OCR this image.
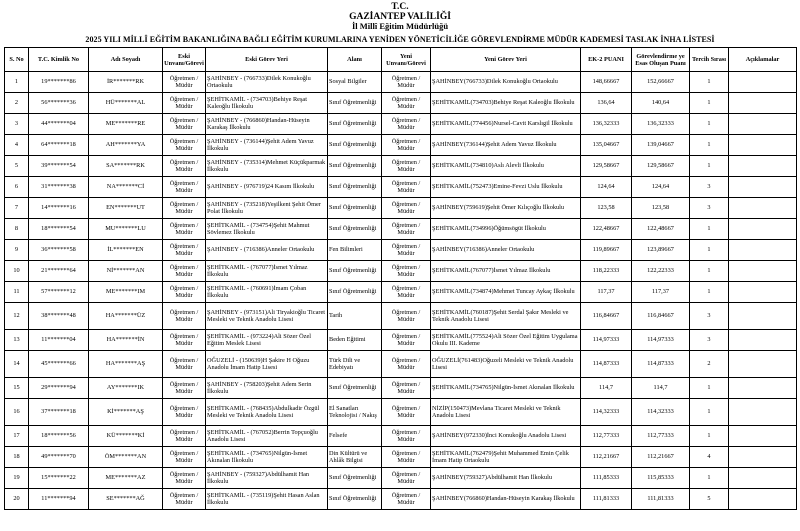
T.C.
GAZİANTEP VALİLİĞİ
İl Millî Eğitim Müdürlüğü
2025 YILI MİLLÎ EĞİTİM BAKANLIĞINA BAĞLI EĞİTİM KURUMLARINA YENİDEN YÖNETİCİLİĞE GÖREVLENDİRME MÜDÜR KADEMESİ TASLAK İNHA LİSTESİ
S. No	T.C. Kimlik No	Adı Soyadı	Eski Unvanı/Görevi	Eski Görev Yeri	Alanı	Yeni Unvanı/Görevi	Yeni Görev Yeri	EK-2 PUANI	Görevlendirme ye Esas Oluşan Puanı	Tercih Sırası	Açıklamalar
1	19*******86	İR*******RK	Öğretmen / Müdür	ŞAHİNBEY - (766733)Dilek Konukoğlu Ortaokulu	Sosyal Bilgiler	Öğretmen / Müdür	ŞAHİNBEY(766733)Dilek Konukoğlu Ortaokulu	148,66667	152,66667	1	
2	56*******36	HÜ*******AL	Öğretmen / Müdür	ŞEHİTKAMİL - (734703)Behiye Reşat Kaleoğlu İlkokulu	Sınıf Öğretmenliği	Öğretmen / Müdür	ŞEHİTKAMİL(734703)Behiye Reşat Kaleoğlu İlkokulu	136,64	140,64	1	
3	44*******04	ME*******RE	Öğretmen / Müdür	ŞAHİNBEY - (766860)Handan-Hüseyin Karakaş İlkokulu	Sınıf Öğretmenliği	Öğretmen / Müdür	ŞEHİTKAMİL(774456)Nursel-Cavit Karslıgil İlkokulu	136,32333	136,32333	1	
4	64*******18	AH*******YA	Öğretmen / Müdür	ŞAHİNBEY - (736144)Şehit Adem Yavuz İlkokulu	Sınıf Öğretmenliği	Öğretmen / Müdür	ŞAHİNBEY(736144)Şehit Adem Yavuz İlkokulu	135,04667	139,04667	1	
5	39*******54	SA*******RK	Öğretmen / Müdür	ŞAHİNBEY - (735314)Mehmet Küçükparmak İlkokulu	Sınıf Öğretmenliği	Öğretmen / Müdür	ŞEHİTKAMİL(734810)Aslı Alevli İlkokulu	129,58667	129,58667	1	
6	31*******38	NA*******Cİ	Öğretmen / Müdür	ŞAHİNBEY - (976719)24 Kasım İlkokulu	Sınıf Öğretmenliği	Öğretmen / Müdür	ŞEHİTKAMİL(752473)Emine-Fevzi Uslu İlkokulu	124,64	124,64	3	
7	14*******16	EN*******UT	Öğretmen / Müdür	ŞAHİNBEY - (735218)Yeşilkent Şehit Ömer Polat İlkokulu	Sınıf Öğretmenliği	Öğretmen / Müdür	ŞAHİNBEY(759619)Şehit Ömer Kılıçoğlu İlkokulu	123,58	123,58	3	
8	18*******54	MU*******LU	Öğretmen / Müdür	ŞEHİTKAMİL - (734754)Şehit Mahmut Sövlemez İlkokulu	Sınıf Öğretmenliği	Öğretmen / Müdür	ŞEHİTKAMİL(734996)Öğümsögüt İlkokulu	122,48667	122,48667	1	
9	36*******58	İL*******EN	Öğretmen / Müdür	ŞAHİNBEY - (716386)Anneler Ortaokulu	Fen Bilimleri	Öğretmen / Müdür	ŞAHİNBEY(716386)Anneler Ortaokulu	119,89667	123,89667	1	
10	21*******64	Nİ*******AN	Öğretmen / Müdür	ŞEHİTKAMİL - (767077)İsmet Yılmaz İlkokulu	Sınıf Öğretmenliği	Öğretmen / Müdür	ŞEHİTKAMİL(767077)İsmet Yılmaz İlkokulu	118,22333	122,22333	1	
11	57*******12	ME*******IM	Öğretmen / Müdür	ŞEHİTKAMİL - (760691)İmam Çoban İlkokulu	Sınıf Öğretmenliği	Öğretmen / Müdür	ŞEHİTKAMİL(734874)Mehmet Tuncay Aykaç İlkokulu	117,37	117,37	1	
12	38*******48	HA*******ÜZ	Öğretmen / Müdür	ŞAHİNBEY - (973151)Ali Tiryakioğlu Ticaret Mesleki ve Teknik Anadolu Lisesi	Tarih	Öğretmen / Müdür	ŞEHİTKAMİL(760187)Şehit Serdal Şakır Mesleki ve Teknik Anadolu Lisesi	116,84667	116,84667	3	
13	11*******04	HA*******İN	Öğretmen / Müdür	ŞEHİTKAMİL - (973224)Ali Sözer Özel Eğitim Meslek Lisesi	Beden Eğitimi	Öğretmen / Müdür	ŞEHİTKAMİL(775524)Ali Sözer Özel Eğitim Uygulama Okulu III. Kademe	114,97333	114,97333	3	
14	45*******66	HA*******AŞ	Öğretmen / Müdür	OĞUZELİ - (150639)H Şakire H Oğuzu Anadolu İmam Hatip Lisesi	Türk Dili ve Edebiyatı	Öğretmen / Müdür	OĞUZELİ(761483)Oğuzeli Mesleki ve Teknik Anadolu Lisesi	114,87333	114,87333	2	
15	29*******94	AY*******IK	Öğretmen / Müdür	ŞAHİNBEY - (758203)Şehit Adem Serin İlkokulu	Sınıf Öğretmenliği	Öğretmen / Müdür	ŞEHİTKAMİL(734765)Nilgün-İsmet Akınalan İlkokulu	114,7	114,7	1	
16	37*******18	Kİ*******AŞ	Öğretmen / Müdür	ŞEHİTKAMİL - (768435)Abdulkadir Özgül Mesleki ve Teknik Anadolu Lisesi	El Sanatları Teknolojisi / Nakış	Öğretmen / Müdür	NİZİP(150473)Mevlana Ticaret Mesleki ve Teknik Anadolu Lisesi	114,32333	114,32333	1	
17	18*******56	KÜ*******Kİ	Öğretmen / Müdür	ŞEHİTKAMİL - (767052)Berrin Topçuoğlu Anadolu Lisesi	Felsefe	Öğretmen / Müdür	ŞAHİNBEY(972330)İnci Konukoğlu Anadolu Lisesi	112,77333	112,77333	1	
18	49*******70	ÖM*******AN	Öğretmen / Müdür	ŞEHİTKAMİL - (734765)Nilgün-İsmet Akınalan İlkokulu	Din Kültürü ve Ahlâk Bilgisi	Öğretmen / Müdür	ŞEHİTKAMİL(762479)Şehit Muhammed Emin Çelik İmam Hatip Ortaokulu	112,21667	112,21667	4	
19	15*******22	ME*******AZ	Öğretmen / Müdür	ŞAHİNBEY - (759327)Abdülhamit Han İlkokulu	Sınıf Öğretmenliği	Öğretmen / Müdür	ŞAHİNBEY(759327)Abdülhamit Han İlkokulu	111,85333	115,85333	1	
20	11*******94	SE*******AĞ	Öğretmen / Müdür	ŞEHİTKAMİL - (735119)Şehit Hasan Aslan İlkokulu	Sınıf Öğretmenliği	Öğretmen / Müdür	ŞAHİNBEY(766860)Handan-Hüseyin Karakaş İlkokulu	111,81333	111,81333	5	
